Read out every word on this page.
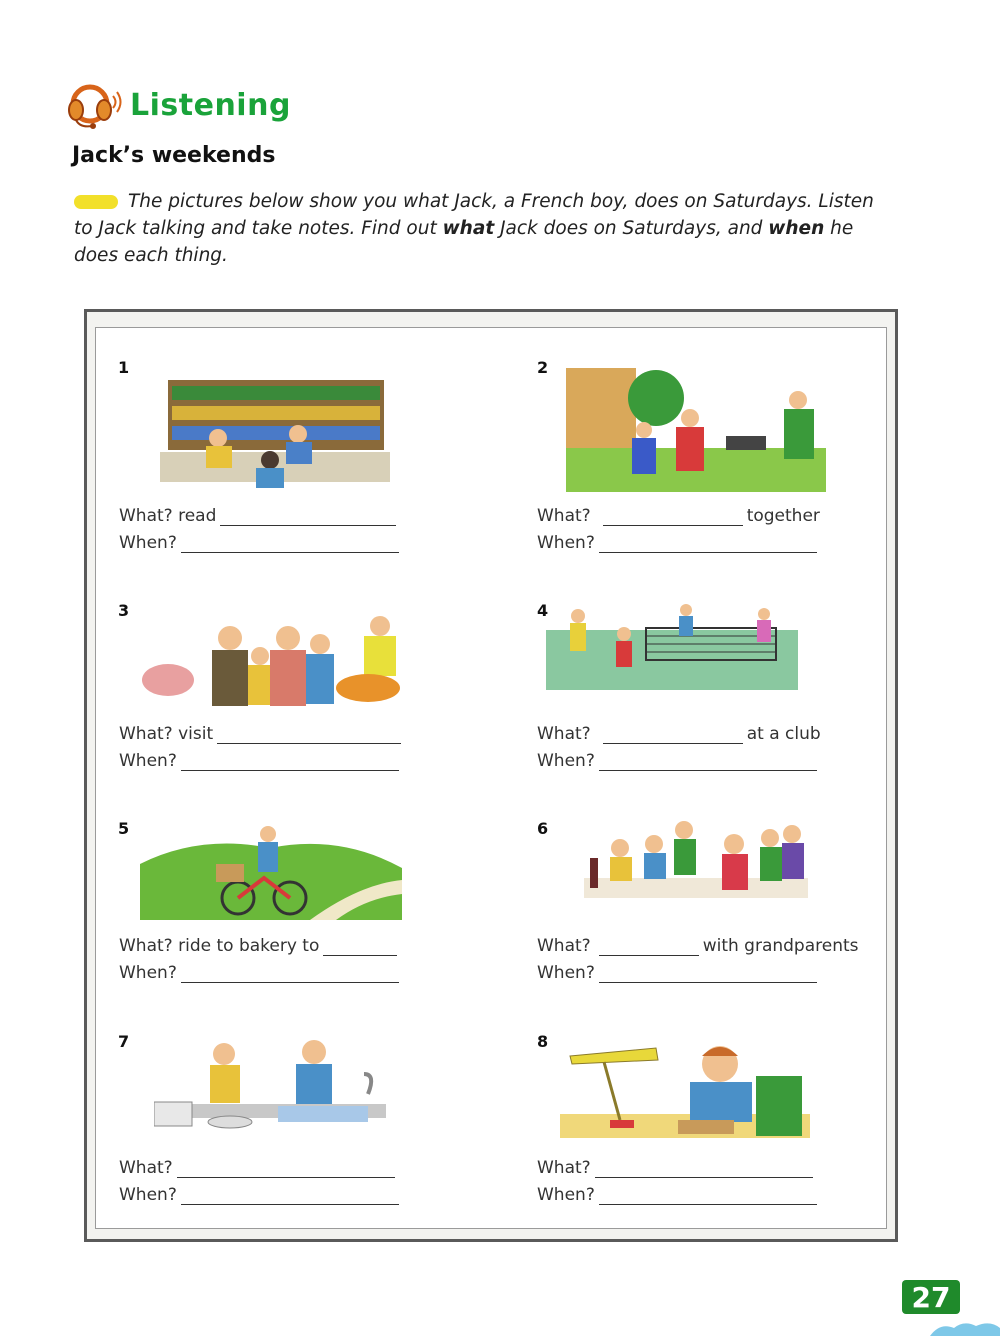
Listening
Jack’s weekends
The pictures below show you what Jack, a French boy, does on Saturdays. Listen to Jack talking and take notes. Find out what Jack does on Saturdays, and when he does each thing.
1
What?
read
When?
2
What?	together
When?
3
What?
visit
When?
4
What?	at a club
When?
5
What?
ride to bakery to
When?
6
What?	with grandparents
When?
7
What?
When?
8
What?
When?
27
